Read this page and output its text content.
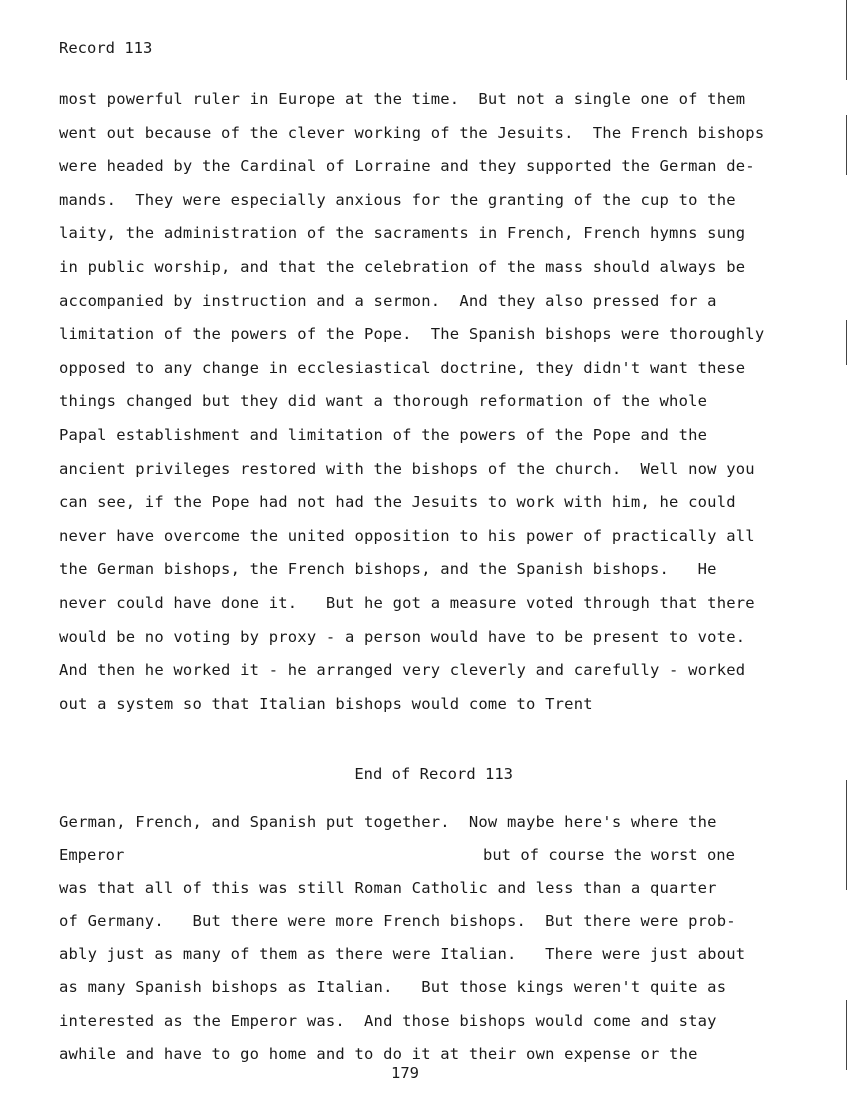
Record 113
most powerful ruler in Europe at the time.  But not a single one of them
went out because of the clever working of the Jesuits.  The French bishops
were headed by the Cardinal of Lorraine and they supported the German de-
mands.  They were especially anxious for the granting of the cup to the
laity, the administration of the sacraments in French, French hymns sung
in public worship, and that the celebration of the mass should always be
accompanied by instruction and a sermon.  And they also pressed for a
limitation of the powers of the Pope.  The Spanish bishops were thoroughly
opposed to any change in ecclesiastical doctrine, they didn't want these
things changed but they did want a thorough reformation of the whole
Papal establishment and limitation of the powers of the Pope and the
ancient privileges restored with the bishops of the church.  Well now you
can see, if the Pope had not had the Jesuits to work with him, he could
never have overcome the united opposition to his power of practically all
the German bishops, the French bishops, and the Spanish bishops.   He
never could have done it.   But he got a measure voted through that there
would be no voting by proxy - a person would have to be present to vote.
And then he worked it - he arranged very cleverly and carefully - worked
out a system so that Italian bishops would come to Trent

End of Record 113

German, French, and Spanish put together.  Now maybe here's where the

Emperor

	but of course the worst one

was that all of this was still Roman Catholic and less than a quarter
of Germany.   But there were more French bishops.  But there were prob-
ably just as many of them as there were Italian.   There were just about
as many Spanish bishops as Italian.   But those kings weren't quite as
interested as the Emperor was.  And those bishops would come and stay
awhile and have to go home and to do it at their own expense or the
179
